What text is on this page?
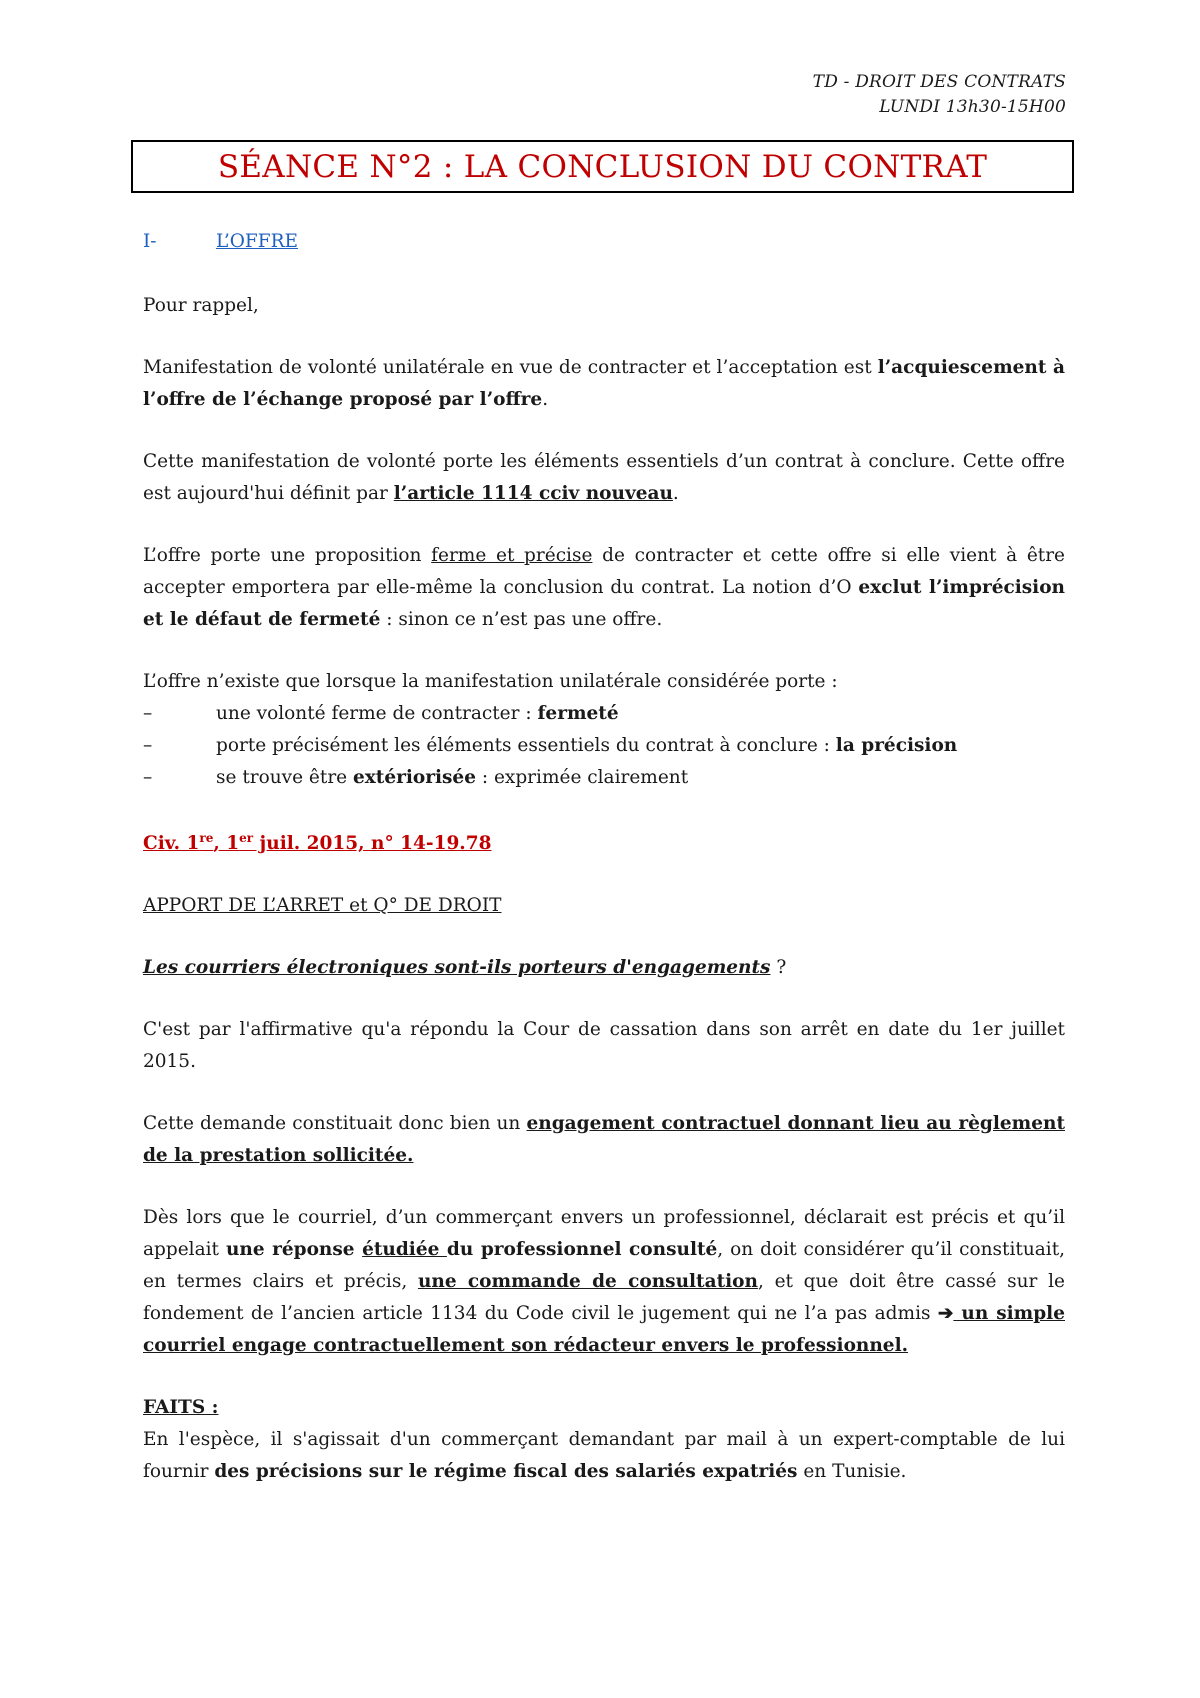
TD - DROIT DES CONTRATS
LUNDI 13h30-15H00
SÉANCE N°2 : LA CONCLUSION DU CONTRAT
I-	L’OFFRE

Pour rappel,

Manifestation de volonté unilatérale en vue de contracter et l’acceptation est l’acquiescement à l’offre de l’échange proposé par l’offre.

Cette manifestation de volonté porte les éléments essentiels d’un contrat à conclure. Cette offre est aujourd'hui définit par l’article 1114 cciv nouveau.

L’offre porte une proposition ferme et précise de contracter et cette offre si elle vient à être accepter emportera par elle-même la conclusion du contrat. La notion d’O exclut l’imprécision et le défaut de fermeté : sinon ce n’est pas une offre.

L’offre n’existe que lorsque la manifestation unilatérale considérée porte :

–	une volonté ferme de contracter : fermeté
–	porte précisément les éléments essentiels du contrat à conclure : la précision
–	se trouve être extériorisée : exprimée clairement
Civ. 1re, 1er juil. 2015, n° 14-19.78

APPORT DE L’ARRET et Q° DE DROIT

Les courriers électroniques sont-ils porteurs d'engagements ?

C'est par l'affirmative qu'a répondu la Cour de cassation dans son arrêt en date du 1er juillet 2015.

Cette demande constituait donc bien un engagement contractuel donnant lieu au règlement de la prestation sollicitée.

Dès lors que le courriel, d’un commerçant envers un professionnel, déclarait est précis et qu’il appelait une réponse étudiée du professionnel consulté, on doit considérer qu’il constituait, en termes clairs et précis, une commande de consultation, et que doit être cassé sur le fondement de l’ancien article 1134 du Code civil le jugement qui ne l’a pas admis ➔ un simple courriel engage contractuellement son rédacteur envers le professionnel.

FAITS :
En l'espèce, il s'agissait d'un commerçant demandant par mail à un expert-comptable de lui fournir des précisions sur le régime fiscal des salariés expatriés en Tunisie.
